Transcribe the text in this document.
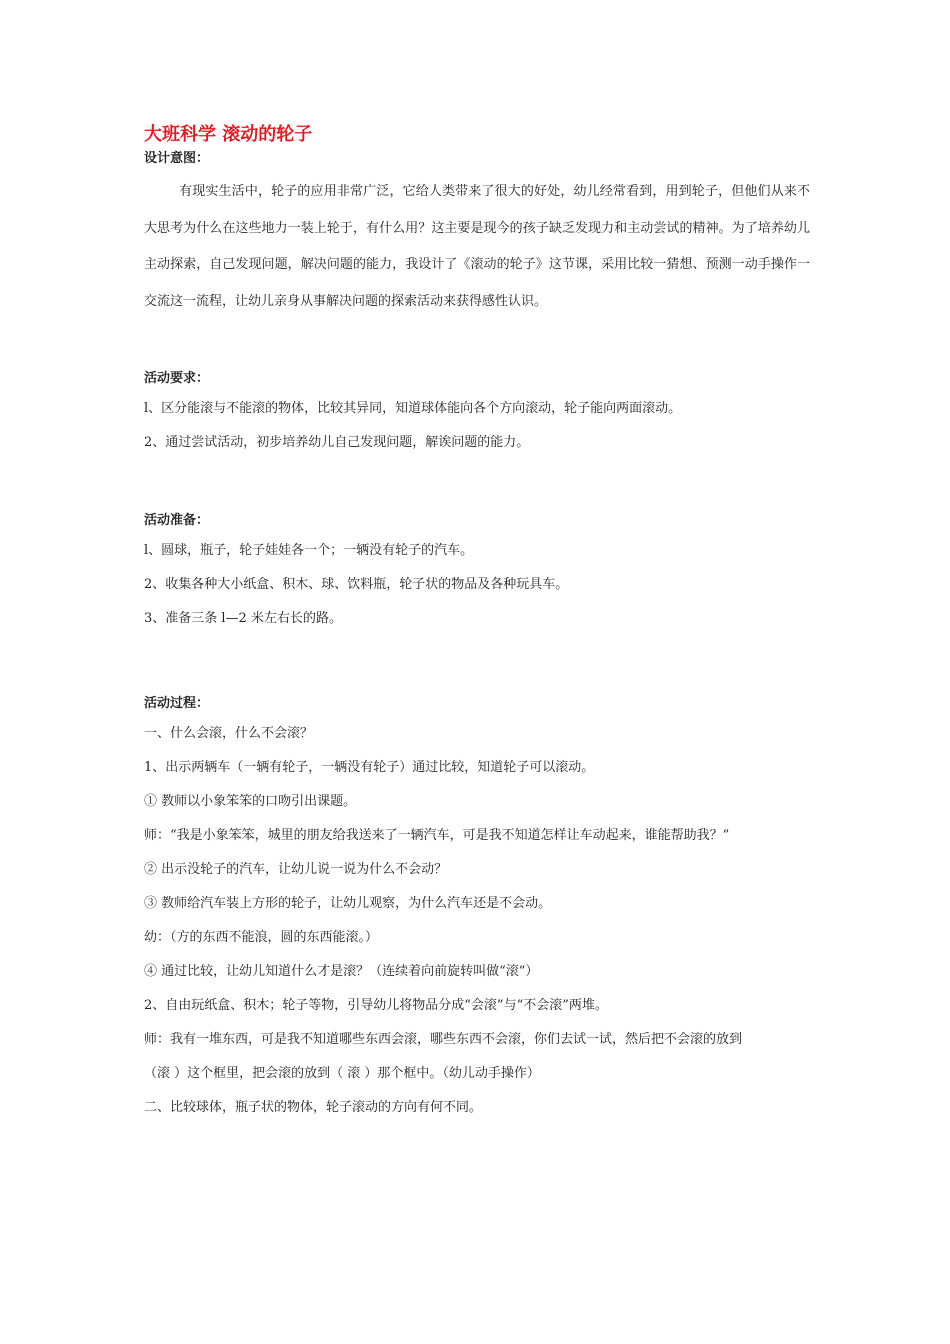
大班科学 滚动的轮子

设计意图：

有现实生活中，轮子的应用非常广泛，它给人类带来了很大的好处，幼儿经常看到，用到轮子，但他们从来不大思考为什么在这些地力一装上轮于，有什么用？这主要是现今的孩子缺乏发现力和主动尝试的精神。为了培养幼儿主动探索，自己发现问题，解决问题的能力，我设计了《滚动的轮子》这节课，采用比较一猜想、预测一动手操作一交流这一流程，让幼儿亲身从事解决问题的探索活动来获得感性认识。

活动要求：

l、区分能滚与不能滚的物体，比较其异同，知道球体能向各个方向滚动，轮子能向两面滚动。

2、通过尝试活动，初步培养幼儿自己发现问题，解诶问题的能力。

活动准备：

l、圆球，瓶子，轮子娃娃各一个；一辆没有轮子的汽车。

2、收集各种大小纸盒、积木、球、饮料瓶，轮子状的物品及各种玩具车。

3、准备三条 l—2 米左右长的路。

活动过程：

一、什么会滚，什么不会滚？

1、出示两辆车（一辆有轮子，一辆没有轮子）通过比较，知道轮子可以滚动。

① 教师以小象笨笨的口吻引出课题。

师：“我是小象笨笨，城里的朋友给我送来了一辆汽车，可是我不知道怎样让车动起来，谁能帮助我？”

② 出示没轮子的汽车，让幼儿说一说为什么不会动？

③ 教师给汽车装上方形的轮子，让幼儿观察，为什么汽车还是不会动。

幼：（方的东西不能浪，圆的东西能滚。）

④ 通过比较，让幼儿知道什么才是滚？（连续着向前旋转叫做“滚”）

2、自由玩纸盒、积木；轮子等物，引导幼儿将物品分成“会滚”与“不会滚”两堆。

师：我有一堆东西，可是我不知道哪些东西会滚，哪些东西不会滚，你们去试一试，然后把不会滚的放到

（滚 ）这个框里，把会滚的放到（ 滚 ）那个框中。（幼儿动手操作）

二、比较球体，瓶子状的物体，轮子滚动的方向有何不同。
